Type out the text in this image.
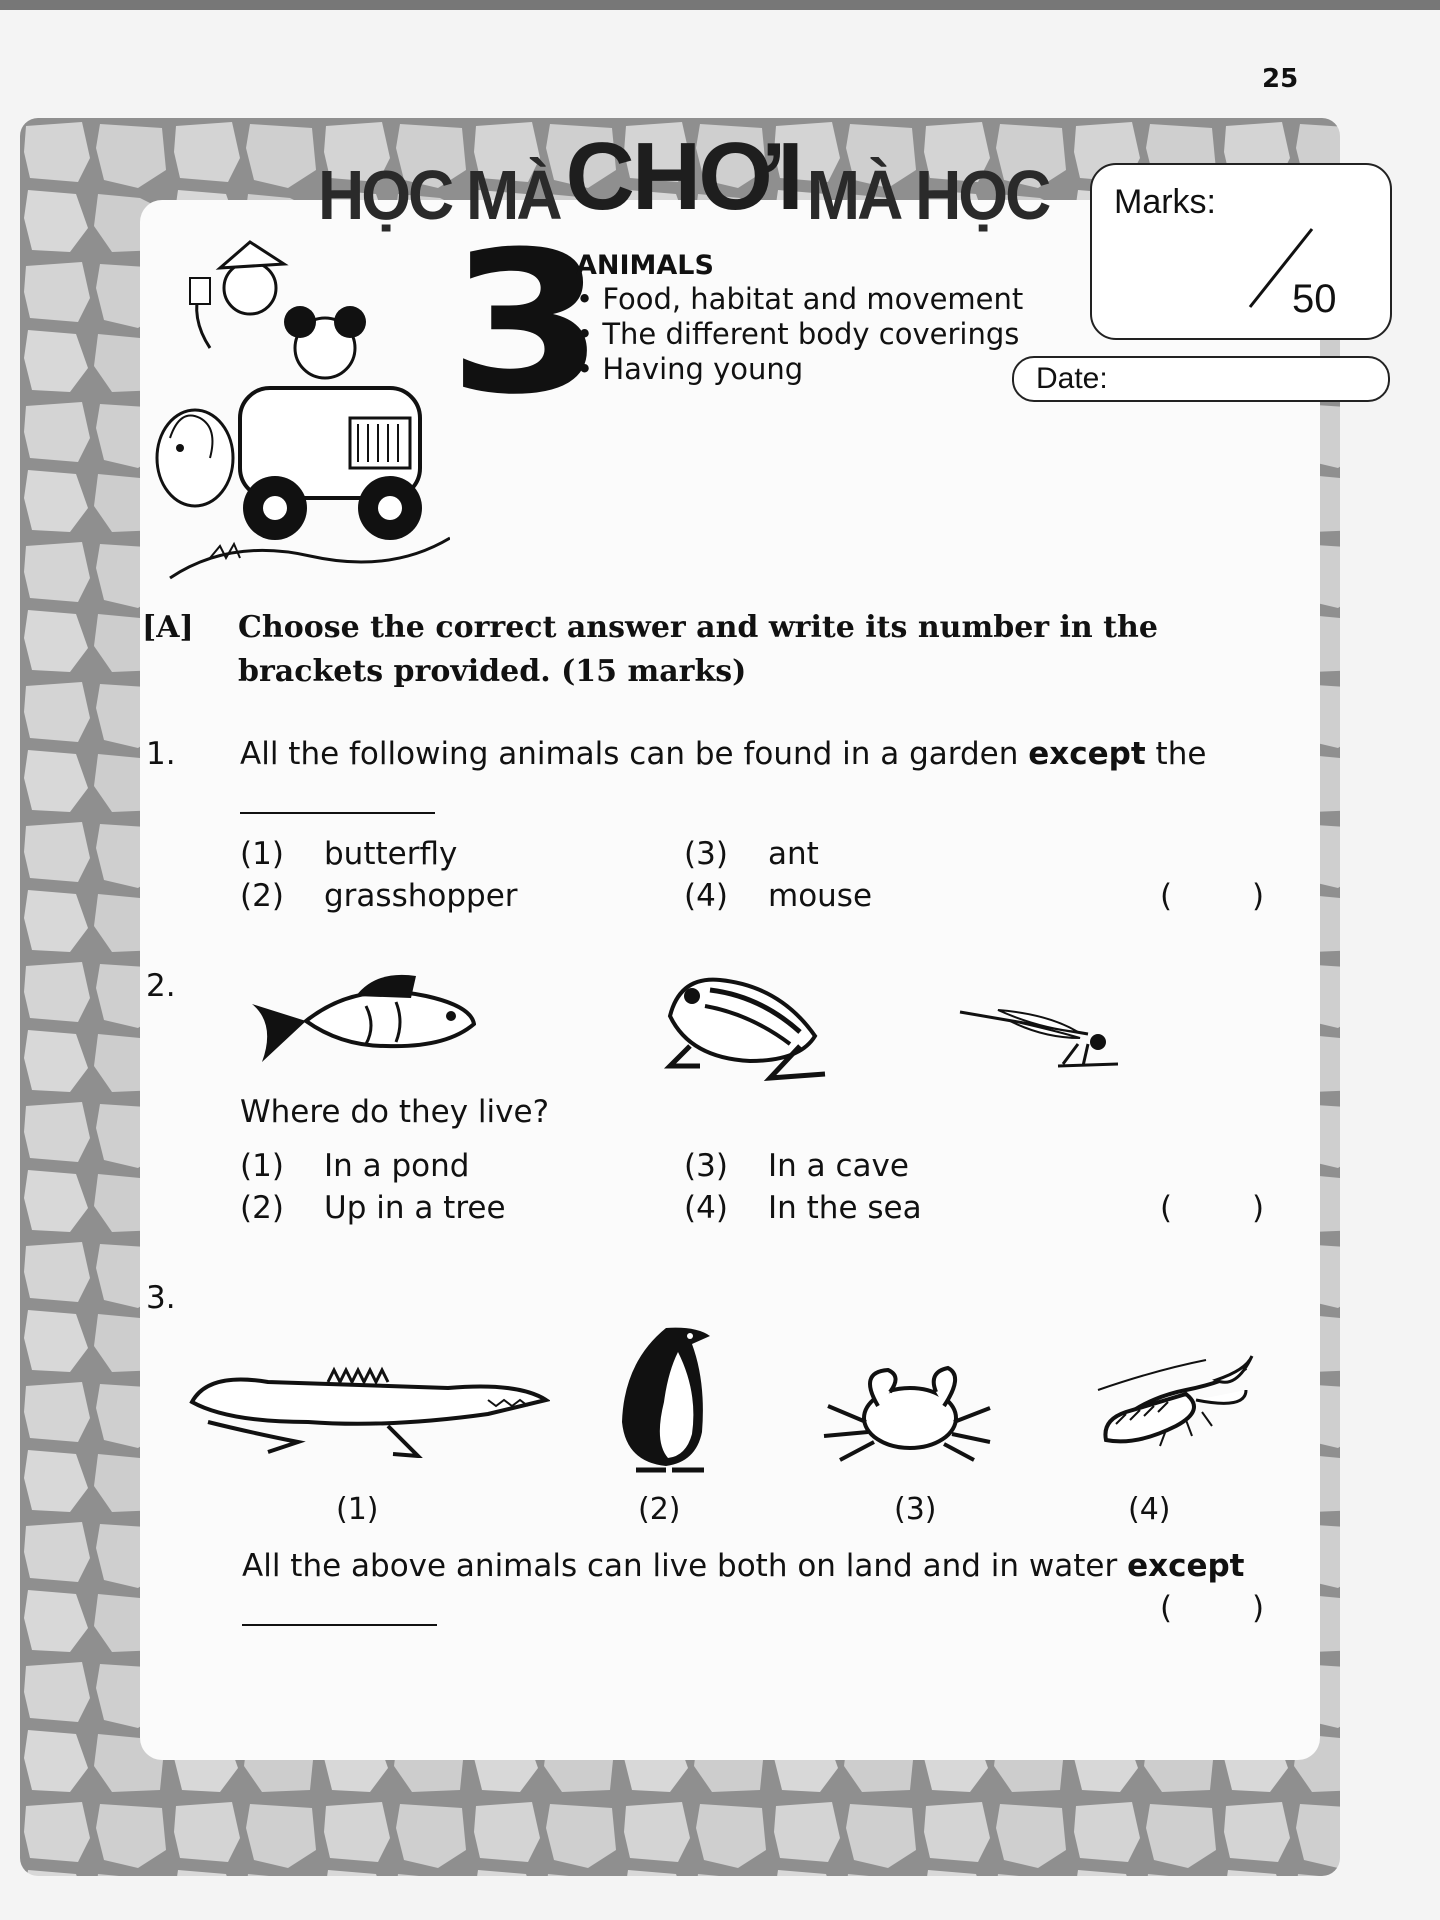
25
HỌC MÀ CHƠI MÀ HỌC Marks:
50
Date:
3
ANIMALS
• Food, habitat and movement
• The different body coverings
• Having young
[A] Choose the correct answer and write its number in the brackets provided. (15 marks)
1. All the following animals can be found in a garden except the
(1) butterfly
(2) grasshopper
(3) ant
(4) mouse	( )
2.
Where do they live?
(1) In a pond
(2) Up in a tree
(3) In a cave
(4) In the sea	( )
3.
(1)	(2)	(3)	(4)
All the above animals can live both on land and in water except
( )
